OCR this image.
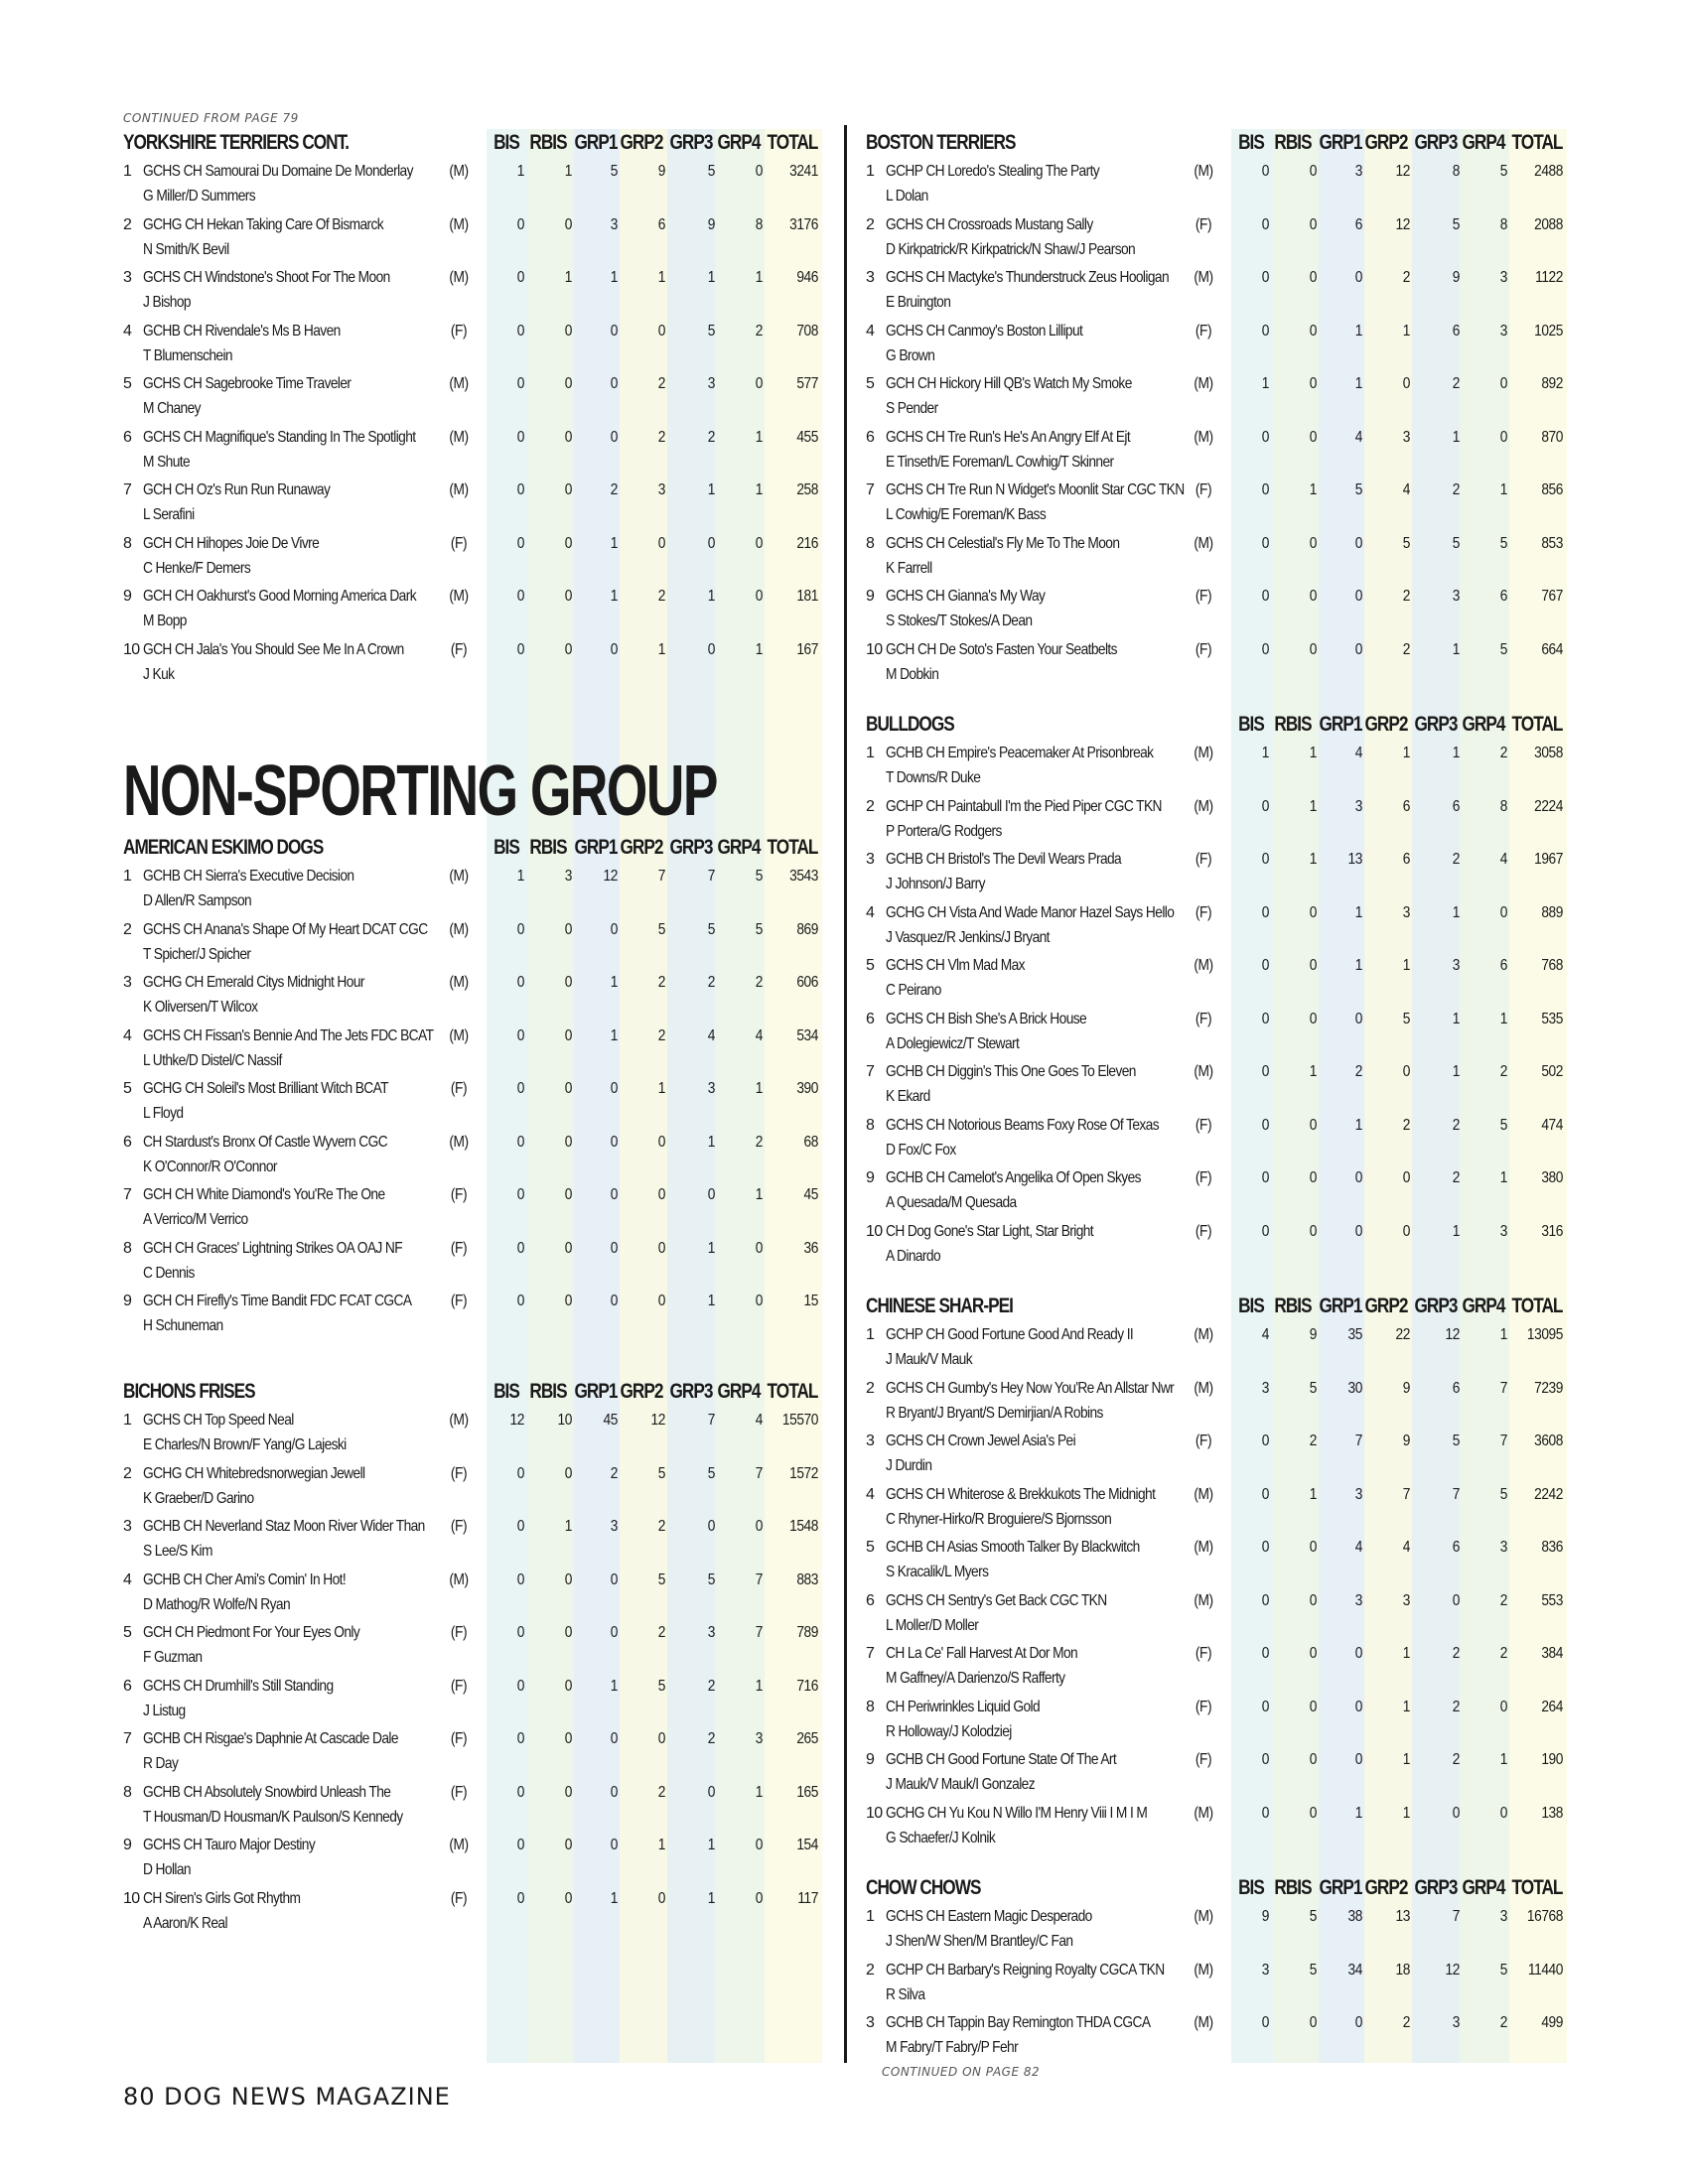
CONTINUED FROM PAGE 79
NON-SPORTING GROUP
YORKSHIRE TERRIERS CONT.	BIS RBIS GRP1 GRP2 GRP3 GRP4 TOTAL
1 GCHS CH Samourai Du Domaine De Monderlay
G Miller/D Summers
(M)	1	1	5	9	5	0	3241
2 GCHG CH Hekan Taking Care Of Bismarck
N Smith/K Bevil
(M)	0	0	3	6	9	8	3176
3 GCHS CH Windstone's Shoot For The Moon
J Bishop
(M)	0	1	1	1	1	1	946
4 GCHB CH Rivendale's Ms B Haven
T Blumenschein
(F)	0	0	0	0	5	2	708
5 GCHS CH Sagebrooke Time Traveler
M Chaney
(M)	0	0	0	2	3	0	577
6 GCHS CH Magnifique's Standing In The Spotlight
M Shute
(M)	0	0	0	2	2	1	455
7 GCH CH Oz's Run Run Runaway
L Serafini
(M)	0	0	2	3	1	1	258
8 GCH CH Hihopes Joie De Vivre
C Henke/F Demers
(F)	0	0	1	0	0	0	216
9 GCH CH Oakhurst's Good Morning America Dark
M Bopp
(M)	0	0	1	2	1	0	181
10 GCH CH Jala's You Should See Me In A Crown
J Kuk
(F)	0	0	0	1	0	1	167
AMERICAN ESKIMO DOGS	BIS RBIS GRP1 GRP2 GRP3 GRP4 TOTAL
1 GCHB CH Sierra's Executive Decision
D Allen/R Sampson
(M)	1	3	12	7	7	5	3543
2 GCHS CH Anana's Shape Of My Heart DCAT CGC
T Spicher/J Spicher
(M)	0	0	0	5	5	5	869
3 GCHG CH Emerald Citys Midnight Hour
K Oliversen/T Wilcox
(M)	0	0	1	2	2	2	606
4 GCHS CH Fissan's Bennie And The Jets FDC BCAT
L Uthke/D Distel/C Nassif
(M)	0	0	1	2	4	4	534
5 GCHG CH Soleil's Most Brilliant Witch BCAT
L Floyd
(F)	0	0	0	1	3	1	390
6 CH Stardust's Bronx Of Castle Wyvern CGC
K O'Connor/R O'Connor
(M)	0	0	0	0	1	2	68
7 GCH CH White Diamond's You'Re The One
A Verrico/M Verrico
(F)	0	0	0	0	0	1	45
8 GCH CH Graces' Lightning Strikes OA OAJ NF
C Dennis
(F)	0	0	0	0	1	0	36
9 GCH CH Firefly's Time Bandit FDC FCAT CGCA
H Schuneman
(F)	0	0	0	0	1	0	15
BICHONS FRISES	BIS RBIS GRP1 GRP2 GRP3 GRP4 TOTAL
1 GCHS CH Top Speed Neal
E Charles/N Brown/F Yang/G Lajeski
(M)	12	10	45	12	7	4	15570
2 GCHG CH Whitebredsnorwegian Jewell
K Graeber/D Garino
(F)	0	0	2	5	5	7	1572
3 GCHB CH Neverland Staz Moon River Wider Than
S Lee/S Kim
(F)	0	1	3	2	0	0	1548
4 GCHB CH Cher Ami's Comin' In Hot!
D Mathog/R Wolfe/N Ryan
(M)	0	0	0	5	5	7	883
5 GCH CH Piedmont For Your Eyes Only
F Guzman
(F)	0	0	0	2	3	7	789
6 GCHS CH Drumhill's Still Standing
J Listug
(F)	0	0	1	5	2	1	716
7 GCHB CH Risgae's Daphnie At Cascade Dale
R Day
(F)	0	0	0	0	2	3	265
8 GCHB CH Absolutely Snowbird Unleash The
T Housman/D Housman/K Paulson/S Kennedy
(F)	0	0	0	2	0	1	165
9 GCHS CH Tauro Major Destiny
D Hollan
(M)	0	0	0	1	1	0	154
10 CH Siren's Girls Got Rhythm
A Aaron/K Real
(F)	0	0	1	0	1	0	117
BOSTON TERRIERS	BIS RBIS GRP1 GRP2 GRP3 GRP4 TOTAL
1 GCHP CH Loredo's Stealing The Party
L Dolan
(M)	0	0	3	12	8	5	2488
2 GCHS CH Crossroads Mustang Sally
D Kirkpatrick/R Kirkpatrick/N Shaw/J Pearson
(F)	0	0	6	12	5	8	2088
3 GCHS CH Mactyke's Thunderstruck Zeus Hooligan
E Bruington
(M)	0	0	0	2	9	3	1122
4 GCHS CH Canmoy's Boston Lilliput
G Brown
(F)	0	0	1	1	6	3	1025
5 GCH CH Hickory Hill QB's Watch My Smoke
S Pender
(M)	1	0	1	0	2	0	892
6 GCHS CH Tre Run's He's An Angry Elf At Ejt
E Tinseth/E Foreman/L Cowhig/T Skinner
(M)	0	0	4	3	1	0	870
7 GCHS CH Tre Run N Widget's Moonlit Star CGC TKN
L Cowhig/E Foreman/K Bass
(F)	0	1	5	4	2	1	856
8 GCHS CH Celestial's Fly Me To The Moon
K Farrell
(M)	0	0	0	5	5	5	853
9 GCHS CH Gianna's My Way
S Stokes/T Stokes/A Dean
(F)	0	0	0	2	3	6	767
10 GCH CH De Soto's Fasten Your Seatbelts
M Dobkin
(F)	0	0	0	2	1	5	664
BULLDOGS	BIS RBIS GRP1 GRP2 GRP3 GRP4 TOTAL
1 GCHB CH Empire's Peacemaker At Prisonbreak
T Downs/R Duke
(M)	1	1	4	1	1	2	3058
2 GCHP CH Paintabull I'm the Pied Piper CGC TKN
P Portera/G Rodgers
(M)	0	1	3	6	6	8	2224
3 GCHB CH Bristol's The Devil Wears Prada
J Johnson/J Barry
(F)	0	1	13	6	2	4	1967
4 GCHG CH Vista And Wade Manor Hazel Says Hello
J Vasquez/R Jenkins/J Bryant
(F)	0	0	1	3	1	0	889
5 GCHS CH Vlm Mad Max
C Peirano
(M)	0	0	1	1	3	6	768
6 GCHS CH Bish She's A Brick House
A Dolegiewicz/T Stewart
(F)	0	0	0	5	1	1	535
7 GCHB CH Diggin's This One Goes To Eleven
K Ekard
(M)	0	1	2	0	1	2	502
8 GCHS CH Notorious Beams Foxy Rose Of Texas
D Fox/C Fox
(F)	0	0	1	2	2	5	474
9 GCHB CH Camelot's Angelika Of Open Skyes
A Quesada/M Quesada
(F)	0	0	0	0	2	1	380
10 CH Dog Gone's Star Light, Star Bright
A Dinardo
(F)	0	0	0	0	1	3	316
CHINESE SHAR-PEI	BIS RBIS GRP1 GRP2 GRP3 GRP4 TOTAL
1 GCHP CH Good Fortune Good And Ready II
J Mauk/V Mauk
(M)	4	9	35	22	12	1	13095
2 GCHS CH Gumby's Hey Now You'Re An Allstar Nwr
R Bryant/J Bryant/S Demirjian/A Robins
(M)	3	5	30	9	6	7	7239
3 GCHS CH Crown Jewel Asia's Pei
J Durdin
(F)	0	2	7	9	5	7	3608
4 GCHS CH Whiterose & Brekkukots The Midnight
C Rhyner-Hirko/R Broguiere/S Bjornsson
(M)	0	1	3	7	7	5	2242
5 GCHB CH Asias Smooth Talker By Blackwitch
S Kracalik/L Myers
(M)	0	0	4	4	6	3	836
6 GCHS CH Sentry's Get Back CGC TKN
L Moller/D Moller
(M)	0	0	3	3	0	2	553
7 CH La Ce' Fall Harvest At Dor Mon
M Gaffney/A Darienzo/S Rafferty
(F)	0	0	0	1	2	2	384
8 CH Periwrinkles Liquid Gold
R Holloway/J Kolodziej
(F)	0	0	0	1	2	0	264
9 GCHB CH Good Fortune State Of The Art
J Mauk/V Mauk/I Gonzalez
(F)	0	0	0	1	2	1	190
10 GCHG CH Yu Kou N Willo I'M Henry Viii I M I M
G Schaefer/J Kolnik
(M)	0	0	1	1	0	0	138
CHOW CHOWS	BIS RBIS GRP1 GRP2 GRP3 GRP4 TOTAL
1 GCHS CH Eastern Magic Desperado
J Shen/W Shen/M Brantley/C Fan
(M)	9	5	38	13	7	3	16768
2 GCHP CH Barbary's Reigning Royalty CGCA TKN
R Silva
(M)	3	5	34	18	12	5	11440
3 GCHB CH Tappin Bay Remington THDA CGCA
M Fabry/T Fabry/P Fehr
(M)	0	0	0	2	3	2	499
CONTINUED ON PAGE 82
80 DOG NEWS MAGAZINE
